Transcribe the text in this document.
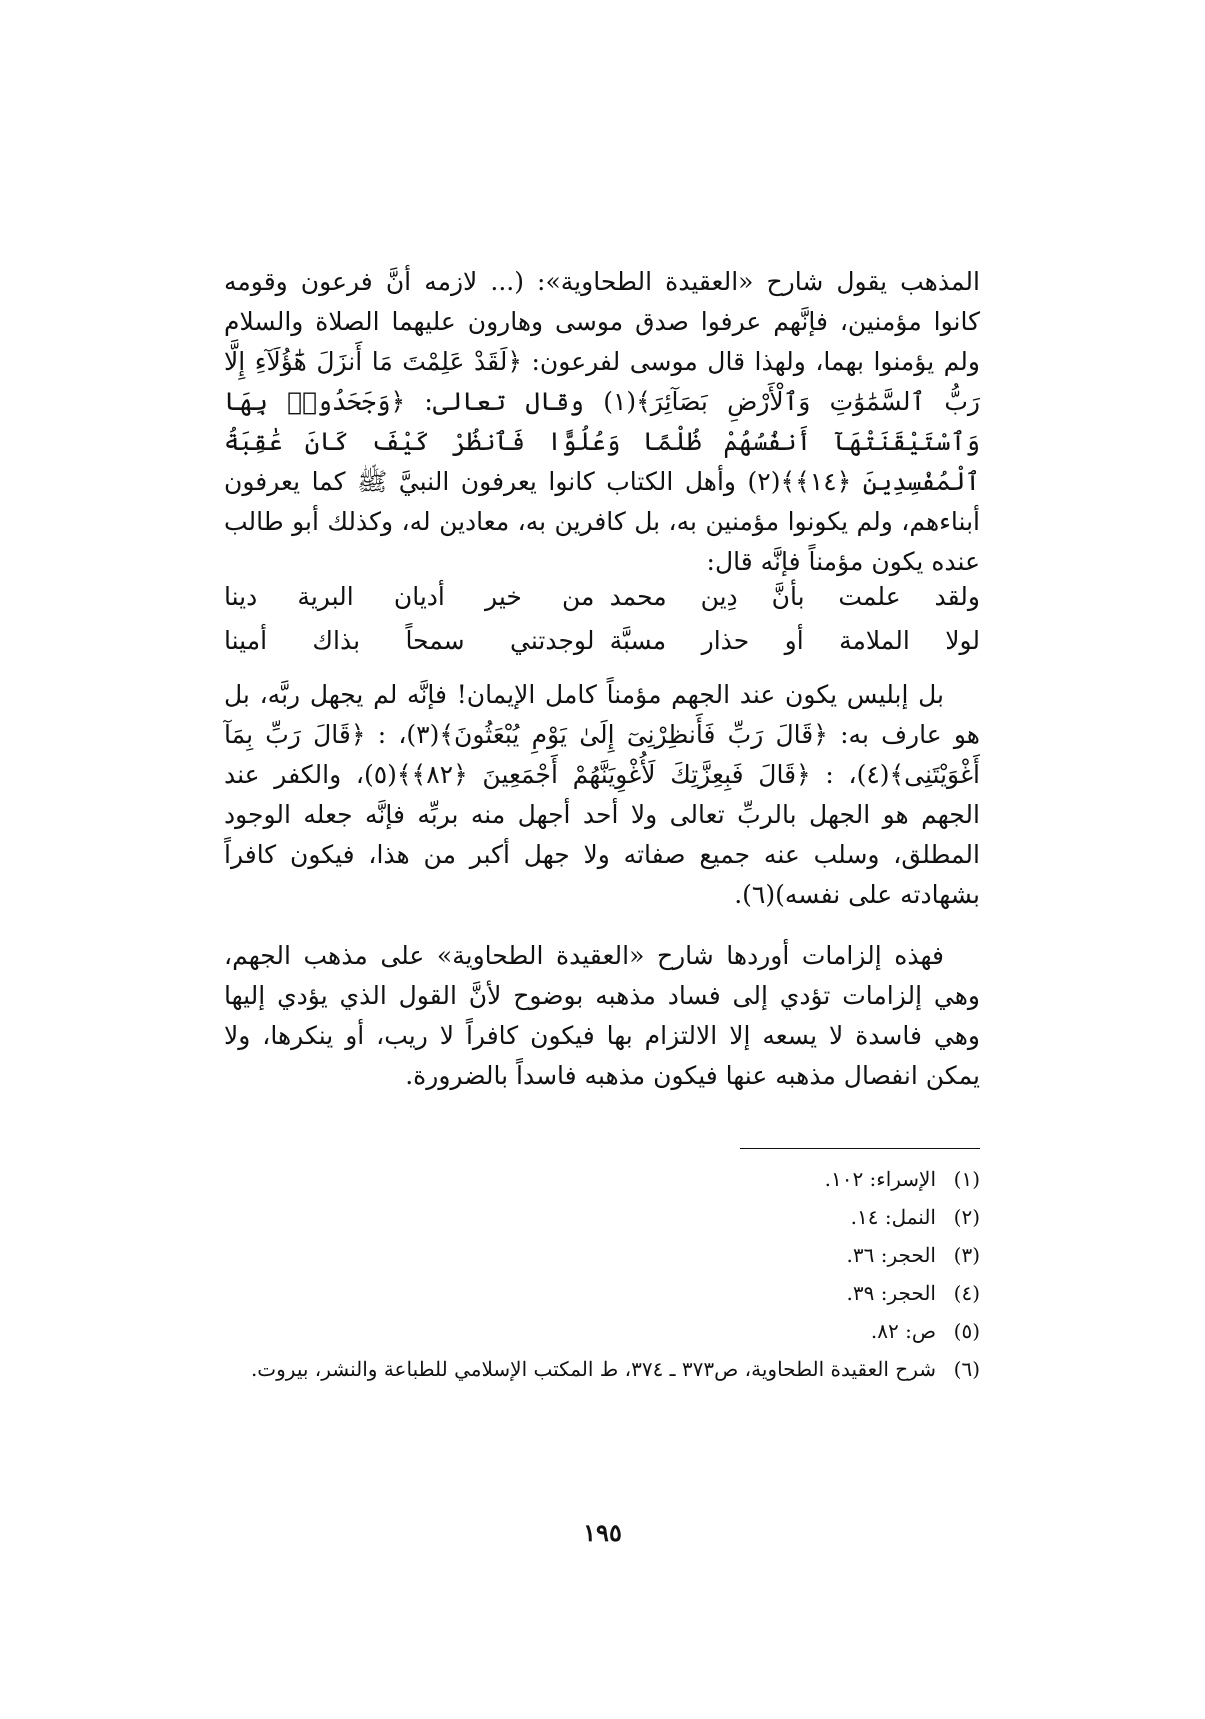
المذهب يقول شارح «العقيدة الطحاوية»: (... لازمه أنَّ فرعون وقومه كانوا مؤمنين، فإنَّهم عرفوا صدق موسى وهارون عليهما الصلاة والسلام ولم يؤمنوا بهما، ولهذا قال موسى لفرعون: ﴿لَقَدْ عَلِمْتَ مَا أَنزَلَ هَٰٓؤُلَآءِ إِلَّا رَبُّ ٱلسَّمَٰوَٰتِ وَٱلْأَرْضِ بَصَآئِرَ﴾(١) وقال تعالى: ﴿وَجَحَدُوا۟ بِهَا وَٱسْتَيْقَنَتْهَآ أَنفُسُهُمْ ظُلْمًا وَعُلُوًّا فَٱنظُرْ كَيْفَ كَانَ عَٰقِبَةُ ٱلْمُفْسِدِينَ ﴿١٤﴾﴾(٢) وأهل الكتاب كانوا يعرفون النبيَّ ﷺ كما يعرفون أبناءهم، ولم يكونوا مؤمنين به، بل كافرين به، معادين له، وكذلك أبو طالب عنده يكون مؤمناً فإنَّه قال:

ولقد علمت بأنَّ دِين محمد
من خير أديان البرية دينا
لولا الملامة أو حذار مسبَّة
لوجدتني سمحاً بذاك أمينا

بل إبليس يكون عند الجهم مؤمناً كامل الإيمان! فإنَّه لم يجهل ربَّه، بل هو عارف به: ﴿قَالَ رَبِّ فَأَنظِرْنِىٓ إِلَىٰ يَوْمِ يُبْعَثُونَ﴾(٣)، : ﴿قَالَ رَبِّ بِمَآ أَغْوَيْتَنِى﴾(٤)، : ﴿قَالَ فَبِعِزَّتِكَ لَأُغْوِيَنَّهُمْ أَجْمَعِينَ ﴿٨٢﴾﴾(٥)، والكفر عند الجهم هو الجهل بالربِّ تعالى ولا أحد أجهل منه بربِّه فإنَّه جعله الوجود المطلق، وسلب عنه جميع صفاته ولا جهل أكبر من هذا، فيكون كافراً بشهادته على نفسه)(٦).

فهذه إلزامات أوردها شارح «العقيدة الطحاوية» على مذهب الجهم، وهي إلزامات تؤدي إلى فساد مذهبه بوضوح لأنَّ القول الذي يؤدي إليها وهي فاسدة لا يسعه إلا الالتزام بها فيكون كافراً لا ريب، أو ينكرها، ولا يمكن انفصال مذهبه عنها فيكون مذهبه فاسداً بالضرورة.

(١)
الإسراء: ١٠٢.
(٢)
النمل: ١٤.
(٣)
الحجر: ٣٦.
(٤)
الحجر: ٣٩.
(٥)
ص: ٨٢.
(٦)
شرح العقيدة الطحاوية، ص٣٧٣ ـ ٣٧٤، ط المكتب الإسلامي للطباعة والنشر، بيروت.
١٩٥
